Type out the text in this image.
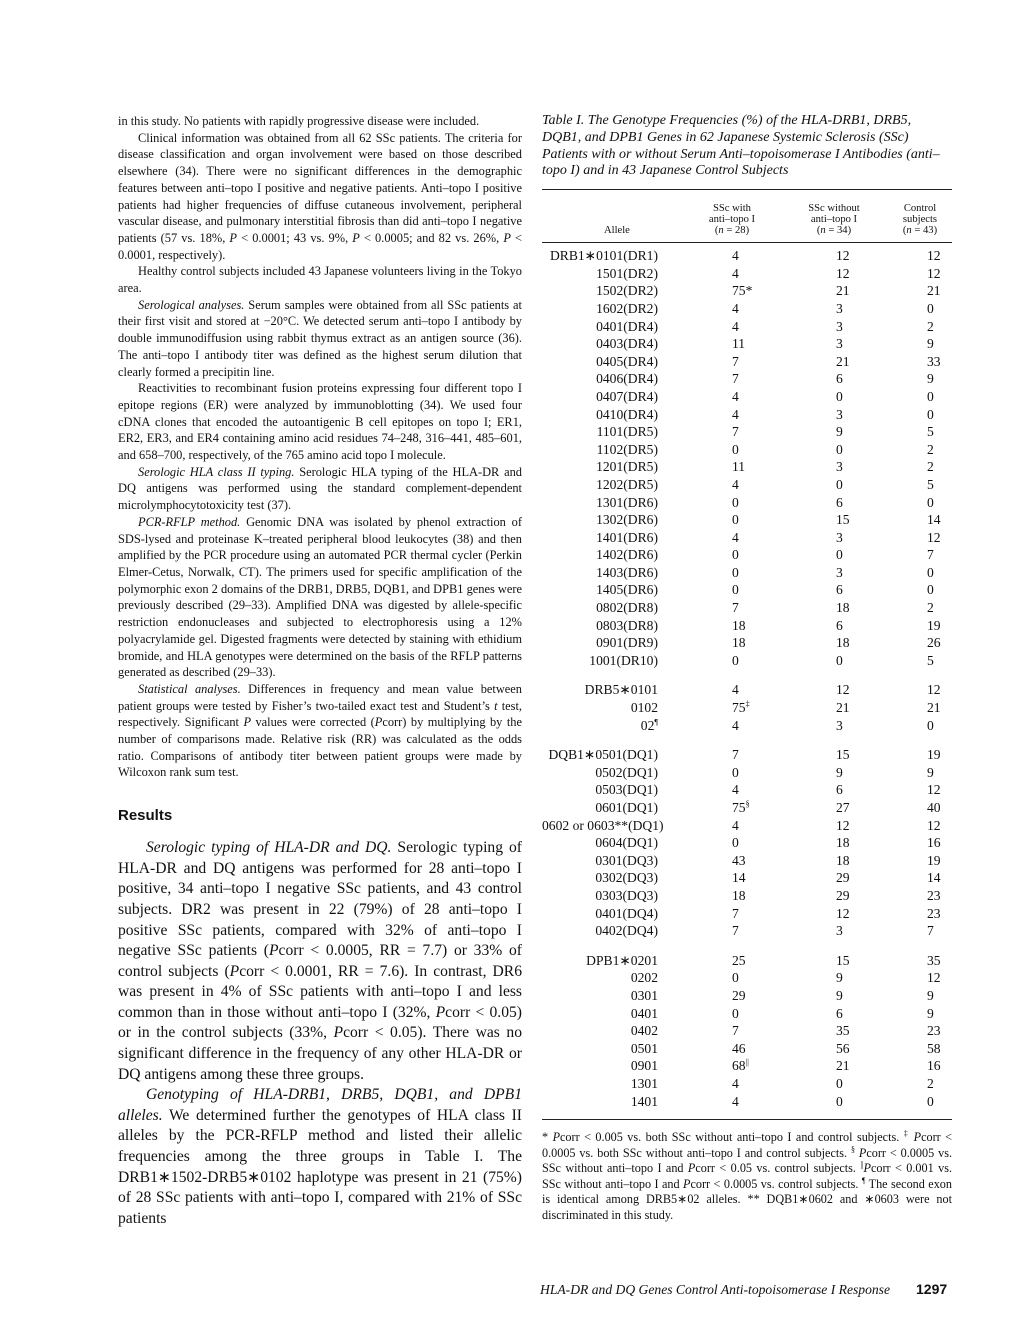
in this study. No patients with rapidly progressive disease were included.

Clinical information was obtained from all 62 SSc patients. The criteria for disease classification and organ involvement were based on those described elsewhere (34). There were no significant differences in the demographic features between anti–topo I positive and negative patients. Anti–topo I positive patients had higher frequencies of diffuse cutaneous involvement, peripheral vascular disease, and pulmonary interstitial fibrosis than did anti–topo I negative patients (57 vs. 18%, P < 0.0001; 43 vs. 9%, P < 0.0005; and 82 vs. 26%, P < 0.0001, respectively).

Healthy control subjects included 43 Japanese volunteers living in the Tokyo area.

Serological analyses. Serum samples were obtained from all SSc patients at their first visit and stored at −20°C. We detected serum anti–topo I antibody by double immunodiffusion using rabbit thymus extract as an antigen source (36). The anti–topo I antibody titer was defined as the highest serum dilution that clearly formed a precipitin line.

Reactivities to recombinant fusion proteins expressing four different topo I epitope regions (ER) were analyzed by immunoblotting (34). We used four cDNA clones that encoded the autoantigenic B cell epitopes on topo I; ER1, ER2, ER3, and ER4 containing amino acid residues 74–248, 316–441, 485–601, and 658–700, respectively, of the 765 amino acid topo I molecule.

Serologic HLA class II typing. Serologic HLA typing of the HLA-DR and DQ antigens was performed using the standard complement-dependent microlymphocytotoxicity test (37).

PCR-RFLP method. Genomic DNA was isolated by phenol extraction of SDS-lysed and proteinase K–treated peripheral blood leukocytes (38) and then amplified by the PCR procedure using an automated PCR thermal cycler (Perkin Elmer-Cetus, Norwalk, CT). The primers used for specific amplification of the polymorphic exon 2 domains of the DRB1, DRB5, DQB1, and DPB1 genes were previously described (29–33). Amplified DNA was digested by allele-specific restriction endonucleases and subjected to electrophoresis using a 12% polyacrylamide gel. Digested fragments were detected by staining with ethidium bromide, and HLA genotypes were determined on the basis of the RFLP patterns generated as described (29–33).

Statistical analyses. Differences in frequency and mean value between patient groups were tested by Fisher’s two-tailed exact test and Student’s t test, respectively. Significant P values were corrected (Pcorr) by multiplying by the number of comparisons made. Relative risk (RR) was calculated as the odds ratio. Comparisons of antibody titer between patient groups were made by Wilcoxon rank sum test.

Results

Serologic typing of HLA-DR and DQ. Serologic typing of HLA-DR and DQ antigens was performed for 28 anti–topo I positive, 34 anti–topo I negative SSc patients, and 43 control subjects. DR2 was present in 22 (79%) of 28 anti–topo I positive SSc patients, compared with 32% of anti–topo I negative SSc patients (Pcorr < 0.0005, RR = 7.7) or 33% of control subjects (Pcorr < 0.0001, RR = 7.6). In contrast, DR6 was present in 4% of SSc patients with anti–topo I and less common than in those without anti–topo I (32%, Pcorr < 0.05) or in the control subjects (33%, Pcorr < 0.05). There was no significant difference in the frequency of any other HLA-DR or DQ antigens among these three groups.

Genotyping of HLA-DRB1, DRB5, DQB1, and DPB1 alleles. We determined further the genotypes of HLA class II alleles by the PCR-RFLP method and listed their allelic frequencies among the three groups in Table I. The DRB1∗1502-DRB5∗0102 haplotype was present in 21 (75%) of 28 SSc patients with anti–topo I, compared with 21% of SSc patients

Table I. The Genotype Frequencies (%) of the HLA-DRB1, DRB5, DQB1, and DPB1 Genes in 62 Japanese Systemic Sclerosis (SSc) Patients with or without Serum Anti–topoisomerase I Antibodies (anti–topo I) and in 43 Japanese Control Subjects

Allele
SSc with
anti–topo I
(n = 28)
SSc without
anti–topo I
(n = 34)
Control
subjects
(n = 43)
DRB1∗0101(DR1)	4	12	12
1501(DR2)	4	12	12
1502(DR2)	75*	21	21
1602(DR2)	4	3	0
0401(DR4)	4	3	2
0403(DR4)	11	3	9
0405(DR4)	7	21	33
0406(DR4)	7	6	9
0407(DR4)	4	0	0
0410(DR4)	4	3	0
1101(DR5)	7	9	5
1102(DR5)	0	0	2
1201(DR5)	11	3	2
1202(DR5)	4	0	5
1301(DR6)	0	6	0
1302(DR6)	0	15	14
1401(DR6)	4	3	12
1402(DR6)	0	0	7
1403(DR6)	0	3	0
1405(DR6)	0	6	0
0802(DR8)	7	18	2
0803(DR8)	18	6	19
0901(DR9)	18	18	26
1001(DR10)	0	0	5
DRB5∗0101	4	12	12
0102	75‡	21	21
02¶	4	3	0
DQB1∗0501(DQ1)	7	15	19
0502(DQ1)	0	9	9
0503(DQ1)	4	6	12
0601(DQ1)	75§	27	40
0602 or 0603**(DQ1)	4	12	12
0604(DQ1)	0	18	16
0301(DQ3)	43	18	19
0302(DQ3)	14	29	14
0303(DQ3)	18	29	23
0401(DQ4)	7	12	23
0402(DQ4)	7	3	7
DPB1∗0201	25	15	35
0202	0	9	12
0301	29	9	9
0401	0	6	9
0402	7	35	23
0501	46	56	58
0901	68||	21	16
1301	4	0	2
1401	4	0	0
* Pcorr < 0.005 vs. both SSc without anti–topo I and control subjects. ‡ Pcorr < 0.0005 vs. both SSc without anti–topo I and control subjects. § Pcorr < 0.0005 vs. SSc without anti–topo I and Pcorr < 0.05 vs. control subjects. ||Pcorr < 0.001 vs. SSc without anti–topo I and Pcorr < 0.0005 vs. control subjects. ¶ The second exon is identical among DRB5∗02 alleles. ** DQB1∗0602 and ∗0603 were not discriminated in this study.
HLA-DR and DQ Genes Control Anti-topoisomerase I Response 1297
